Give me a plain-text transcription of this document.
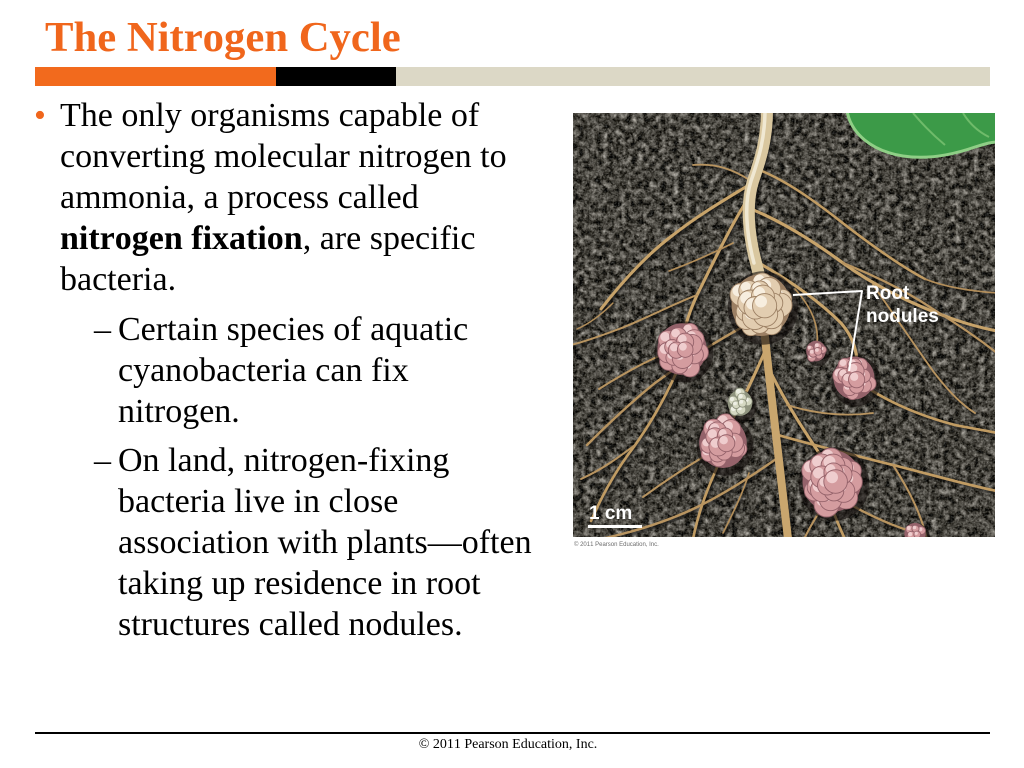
The Nitrogen Cycle
• The only organisms capable of
converting molecular nitrogen to
ammonia, a process called
nitrogen fixation, are specific
bacteria.
– Certain species of aquatic
cyanobacteria can fix
nitrogen.
– On land, nitrogen-fixing
bacteria live in close
association with plants—often
taking up residence in root
structures called nodules.
Root
nodules
1 cm
© 2011 Pearson Education, Inc.
© 2011 Pearson Education, Inc.
